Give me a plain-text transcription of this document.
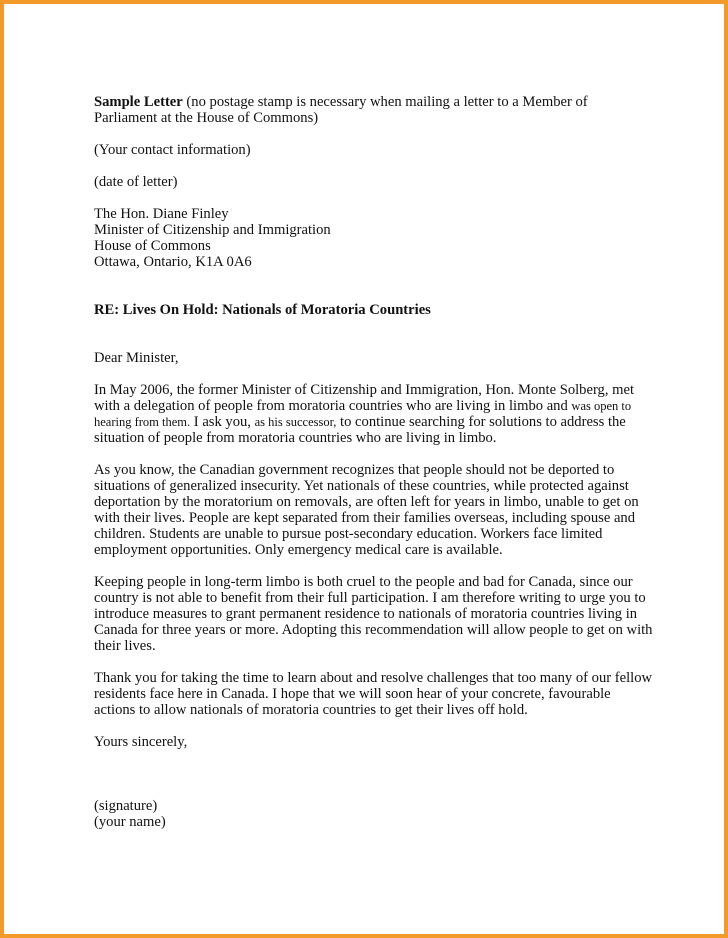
Sample Letter (no postage stamp is necessary when mailing a letter to a Member of Parliament at the House of Commons)

(Your contact information)

(date of letter)

The Hon. Diane Finley

Minister of Citizenship and Immigration

House of Commons

Ottawa, Ontario, K1A 0A6

RE: Lives On Hold: Nationals of Moratoria Countries

Dear Minister,

In May 2006, the former Minister of Citizenship and Immigration, Hon. Monte Solberg, met with a delegation of people from moratoria countries who are living in limbo and was open to hearing from them. I ask you, as his successor, to continue searching for solutions to address the situation of people from moratoria countries who are living in limbo.

As you know, the Canadian government recognizes that people should not be deported to situations of generalized insecurity. Yet nationals of these countries, while protected against deportation by the moratorium on removals, are often left for years in limbo, unable to get on with their lives. People are kept separated from their families overseas, including spouse and children. Students are unable to pursue post-secondary education. Workers face limited employment opportunities. Only emergency medical care is available.

Keeping people in long-term limbo is both cruel to the people and bad for Canada, since our country is not able to benefit from their full participation. I am therefore writing to urge you to introduce measures to grant permanent residence to nationals of moratoria countries living in Canada for three years or more. Adopting this recommendation will allow people to get on with their lives.

Thank you for taking the time to learn about and resolve challenges that too many of our fellow residents face here in Canada. I hope that we will soon hear of your concrete, favourable actions to allow nationals of moratoria countries to get their lives off hold.

Yours sincerely,

(signature)

(your name)
